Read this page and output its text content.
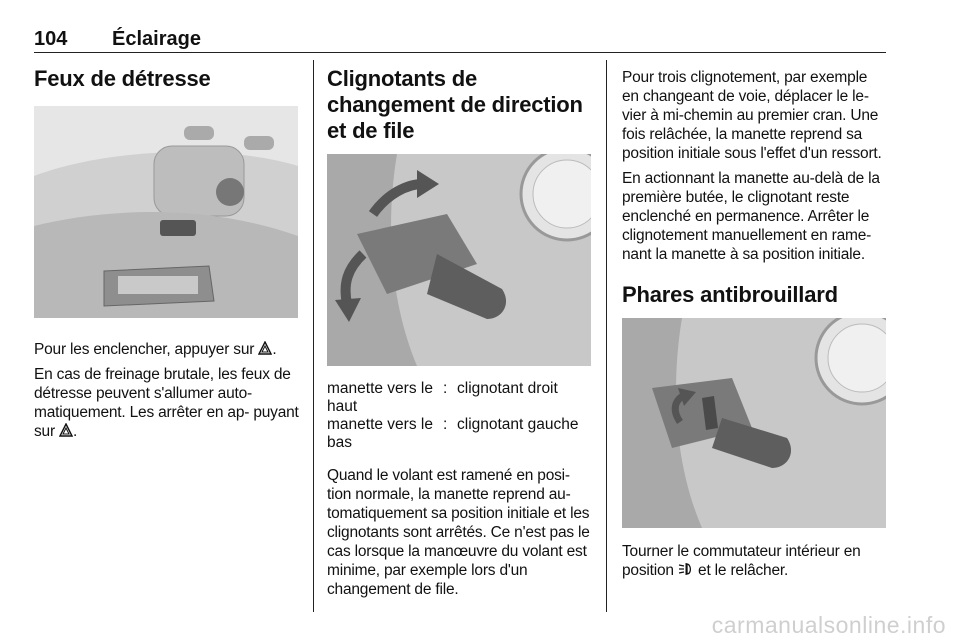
104 Éclairage
Feux de détresse

Pour les enclencher, appuyer sur .

En cas de freinage brutale, les feux de détresse peuvent s'allumer auto- matiquement. Les arrêter en ap- puyant sur .

Clignotants de changement de direction et de file
manette vers le haut
: clignotant droit
manette vers le bas
: clignotant gauche

Quand le volant est ramené en posi- tion normale, la manette reprend au- tomatiquement sa position initiale et les clignotants sont arrêtés. Ce n'est pas le cas lorsque la manœuvre du volant est minime, par exemple lors d'un changement de file.

Pour trois clignotement, par exemple en changeant de voie, déplacer le le- vier à mi-chemin au premier cran. Une fois relâchée, la manette reprend sa position initiale sous l'effet d'un ressort.

En actionnant la manette au-delà de la première butée, le clignotant reste enclenché en permanence. Arrêter le clignotement manuellement en rame- nant la manette à sa position initiale.

Phares antibrouillard

Tourner le commutateur intérieur en position et le relâcher.

carmanualsonline.info
